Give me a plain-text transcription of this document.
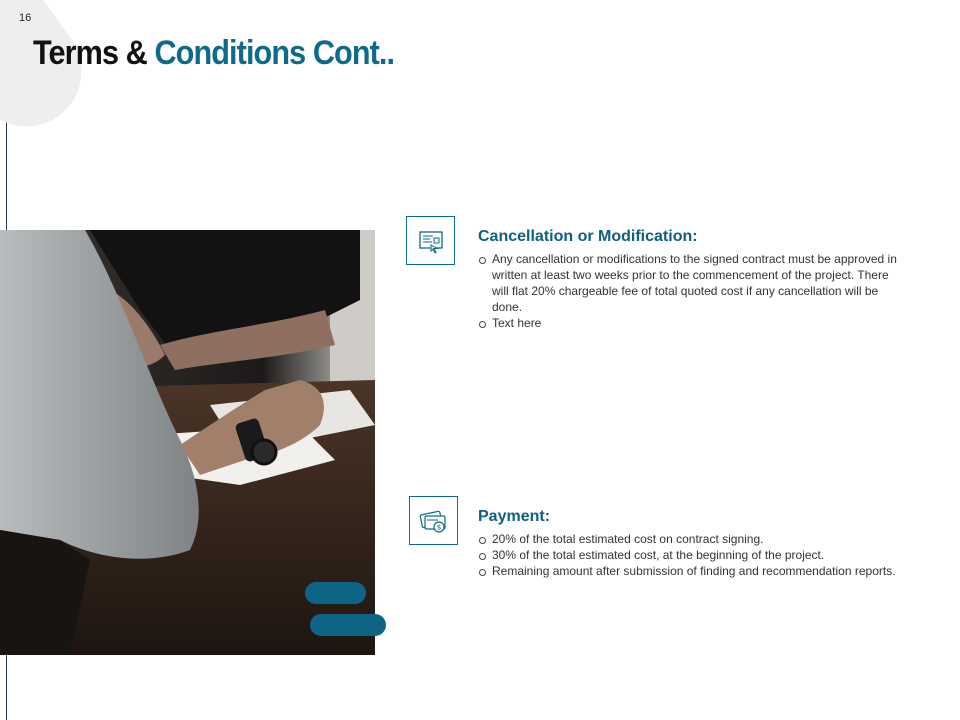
16
Terms & Conditions Cont..
Cancellation or Modification:
Any cancellation or modifications to the signed contract must be approved in written at least two weeks prior to the commencement of the project. There will flat 20% chargeable fee of total quoted cost if any cancellation will be done.
Text here
$
Payment:
20% of the total estimated cost on contract signing.
30% of the total estimated cost, at the beginning of the project.
Remaining amount after submission of finding and recommendation reports.
